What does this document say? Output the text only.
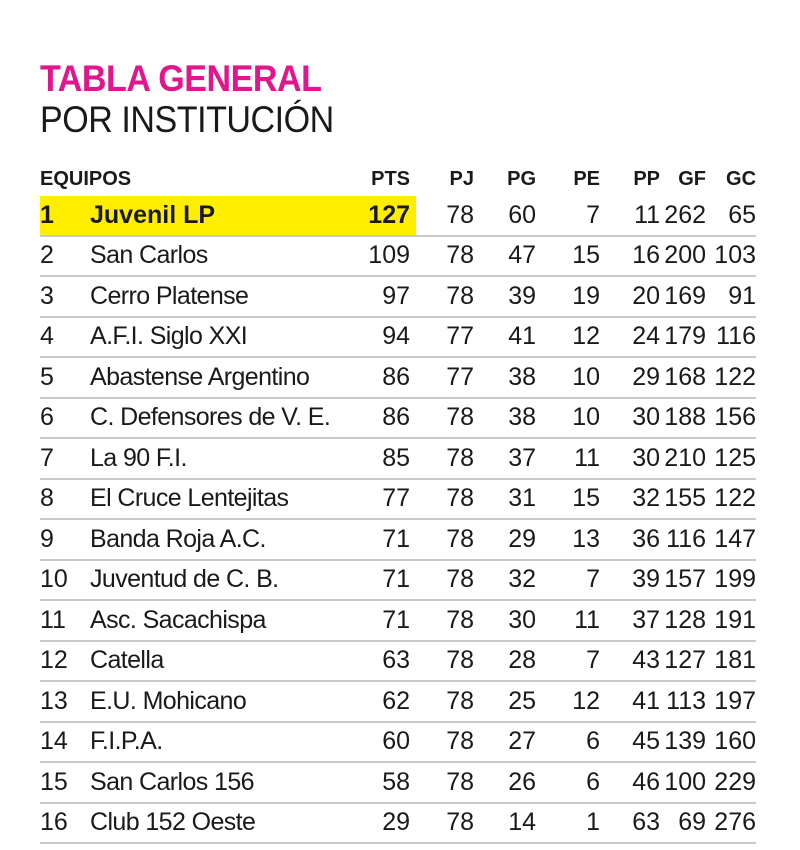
TABLA GENERAL
POR INSTITUCIÓN
EQUIPOS		PTS	PJ	PG	PE	PP	GF	GC
1	Juvenil LP	127	78	60	7	11	262	65
2	San Carlos	109	78	47	15	16	200	103
3	Cerro Platense	97	78	39	19	20	169	91
4	A.F.I. Siglo XXI	94	77	41	12	24	179	116
5	Abastense Argentino	86	77	38	10	29	168	122
6	C. Defensores de V. E.	86	78	38	10	30	188	156
7	La 90 F.I.	85	78	37	11	30	210	125
8	El Cruce Lentejitas	77	78	31	15	32	155	122
9	Banda Roja A.C.	71	78	29	13	36	116	147
10	Juventud de C. B.	71	78	32	7	39	157	199
11	Asc. Sacachispa	71	78	30	11	37	128	191
12	Catella	63	78	28	7	43	127	181
13	E.U. Mohicano	62	78	25	12	41	113	197
14	F.I.P.A.	60	78	27	6	45	139	160
15	San Carlos 156	58	78	26	6	46	100	229
16	Club 152 Oeste	29	78	14	1	63	69	276
